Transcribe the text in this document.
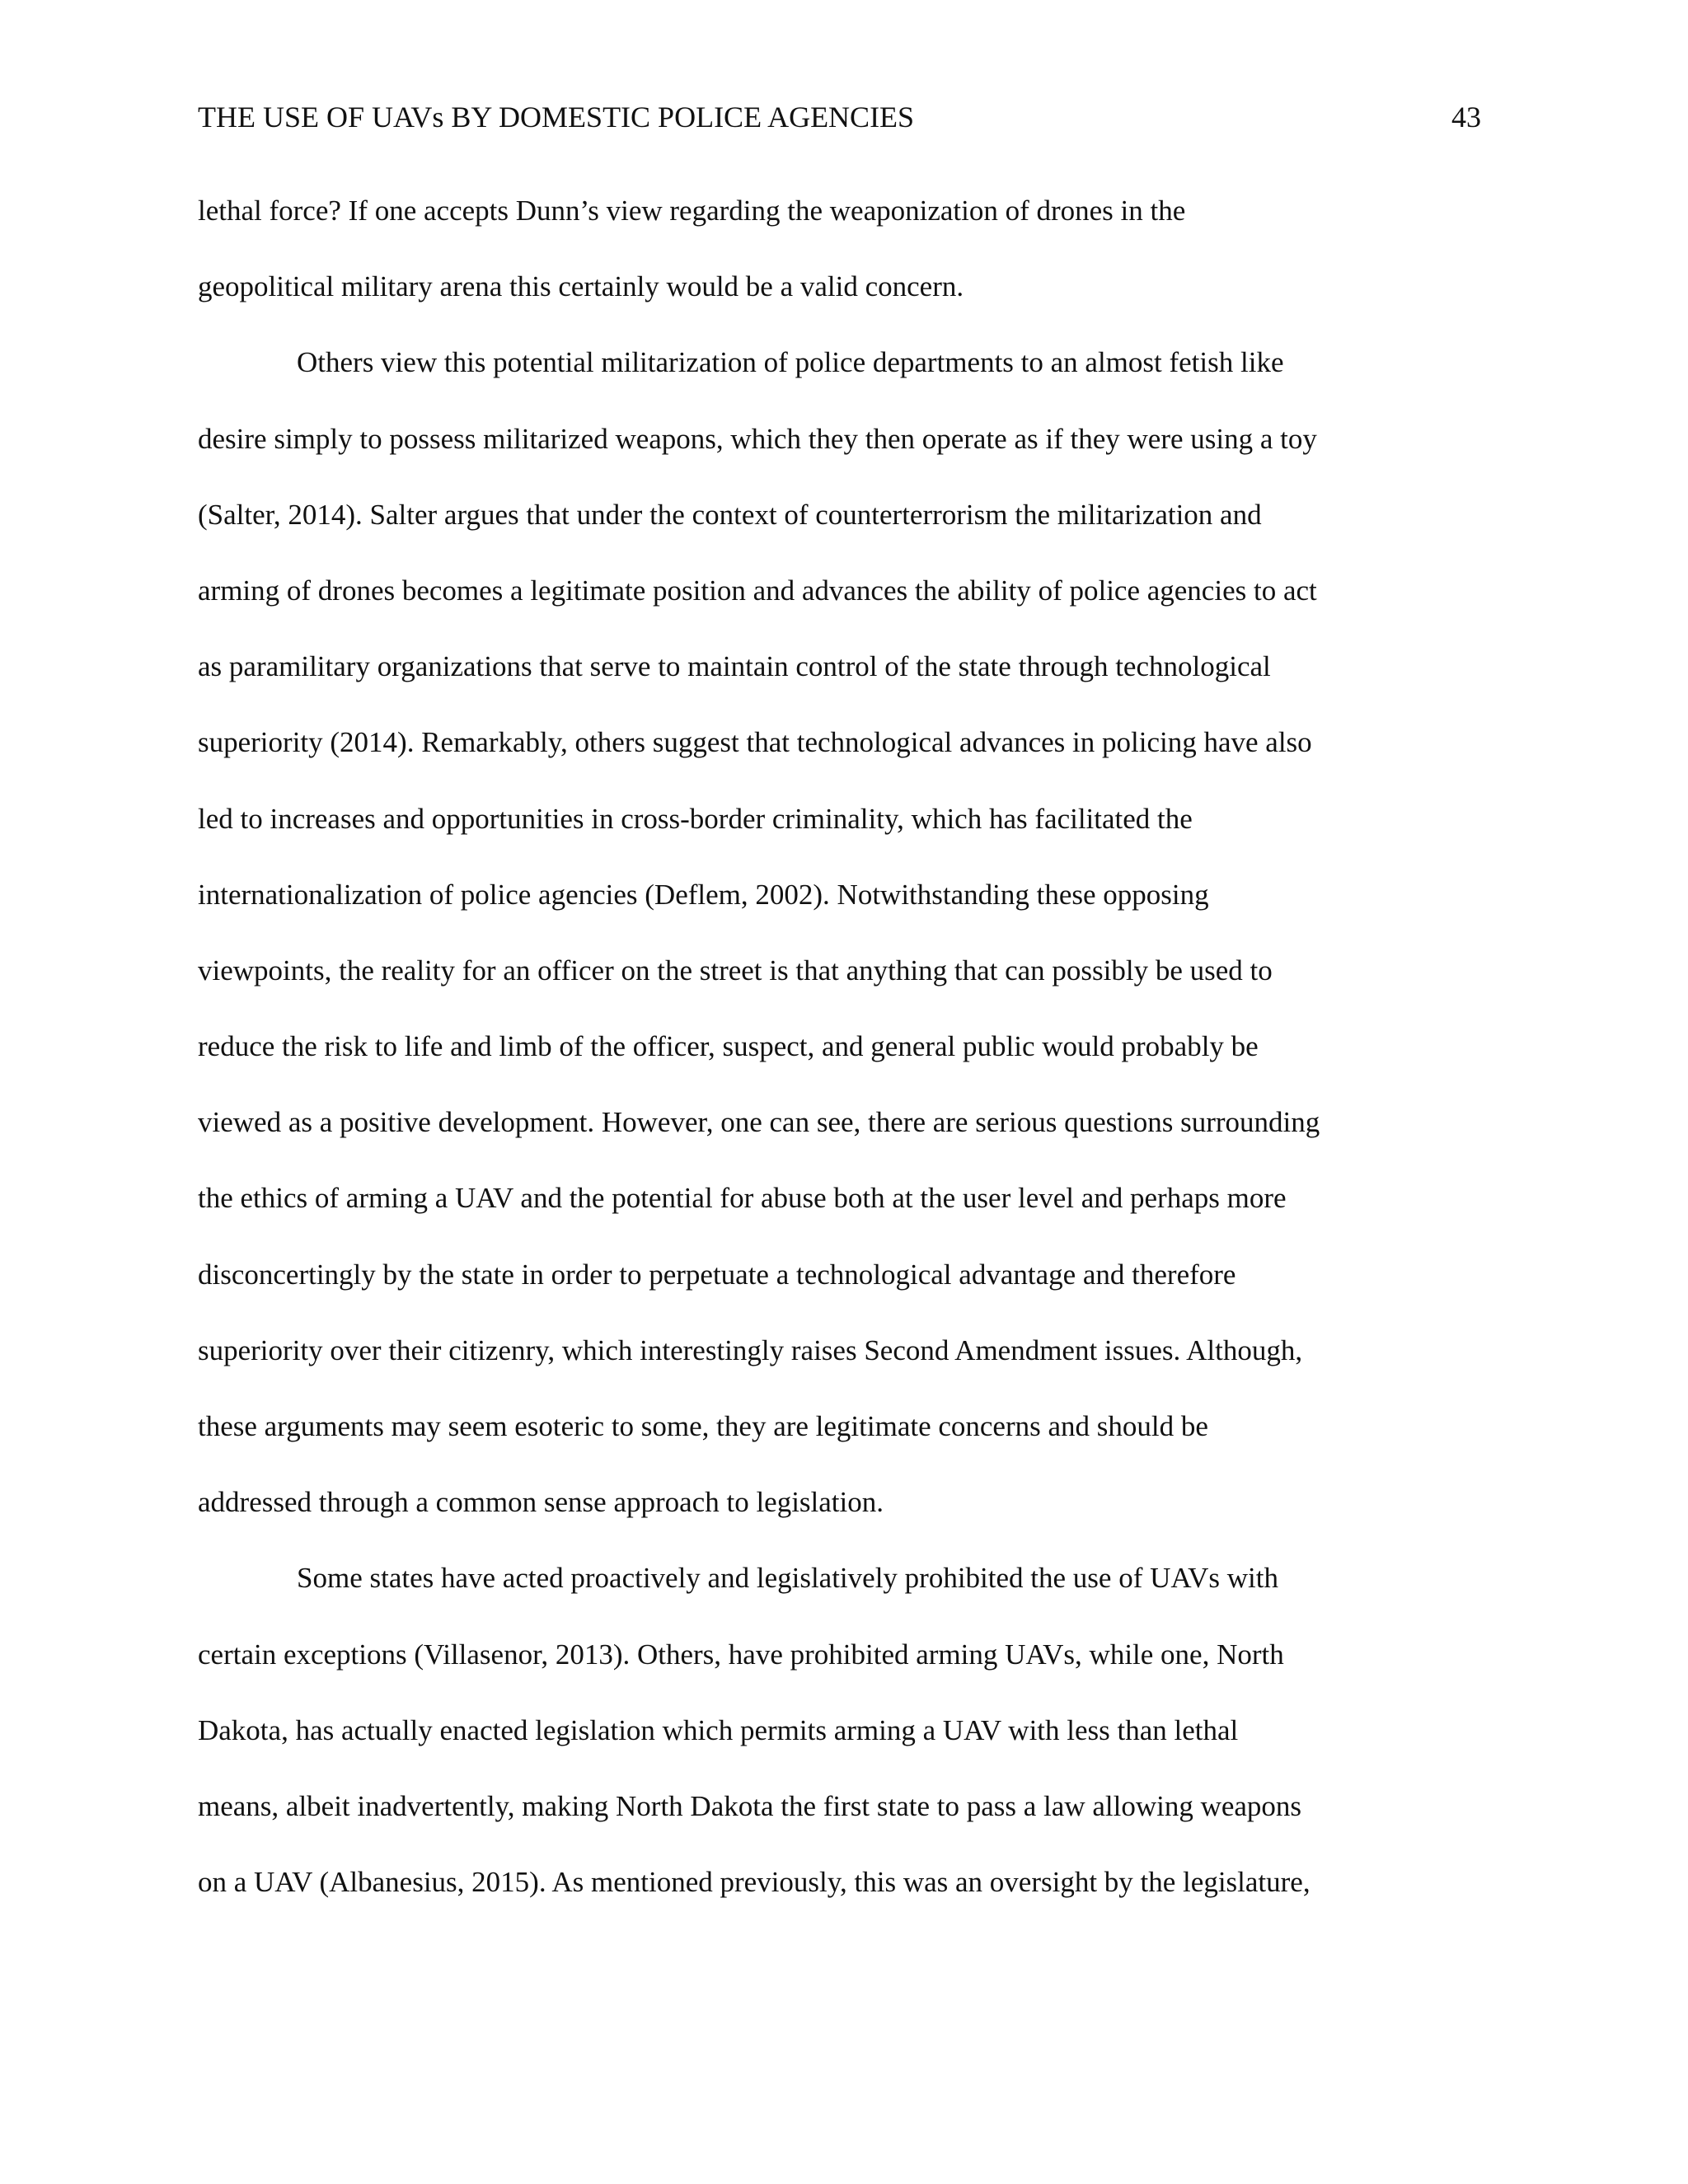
THE USE OF UAVs BY DOMESTIC POLICE AGENCIES	43
lethal force? If one accepts Dunn’s view regarding the weaponization of drones in the
geopolitical military arena this certainly would be a valid concern.
Others view this potential militarization of police departments to an almost fetish like
desire simply to possess militarized weapons, which they then operate as if they were using a toy
(Salter, 2014). Salter argues that under the context of counterterrorism the militarization and
arming of drones becomes a legitimate position and advances the ability of police agencies to act
as paramilitary organizations that serve to maintain control of the state through technological
superiority (2014). Remarkably, others suggest that technological advances in policing have also
led to increases and opportunities in cross-border criminality, which has facilitated the
internationalization of police agencies (Deflem, 2002). Notwithstanding these opposing
viewpoints, the reality for an officer on the street is that anything that can possibly be used to
reduce the risk to life and limb of the officer, suspect, and general public would probably be
viewed as a positive development. However, one can see, there are serious questions surrounding
the ethics of arming a UAV and the potential for abuse both at the user level and perhaps more
disconcertingly by the state in order to perpetuate a technological advantage and therefore
superiority over their citizenry, which interestingly raises Second Amendment issues. Although,
these arguments may seem esoteric to some, they are legitimate concerns and should be
addressed through a common sense approach to legislation.
Some states have acted proactively and legislatively prohibited the use of UAVs with
certain exceptions (Villasenor, 2013). Others, have prohibited arming UAVs, while one, North
Dakota, has actually enacted legislation which permits arming a UAV with less than lethal
means, albeit inadvertently, making North Dakota the first state to pass a law allowing weapons
on a UAV (Albanesius, 2015). As mentioned previously, this was an oversight by the legislature,
